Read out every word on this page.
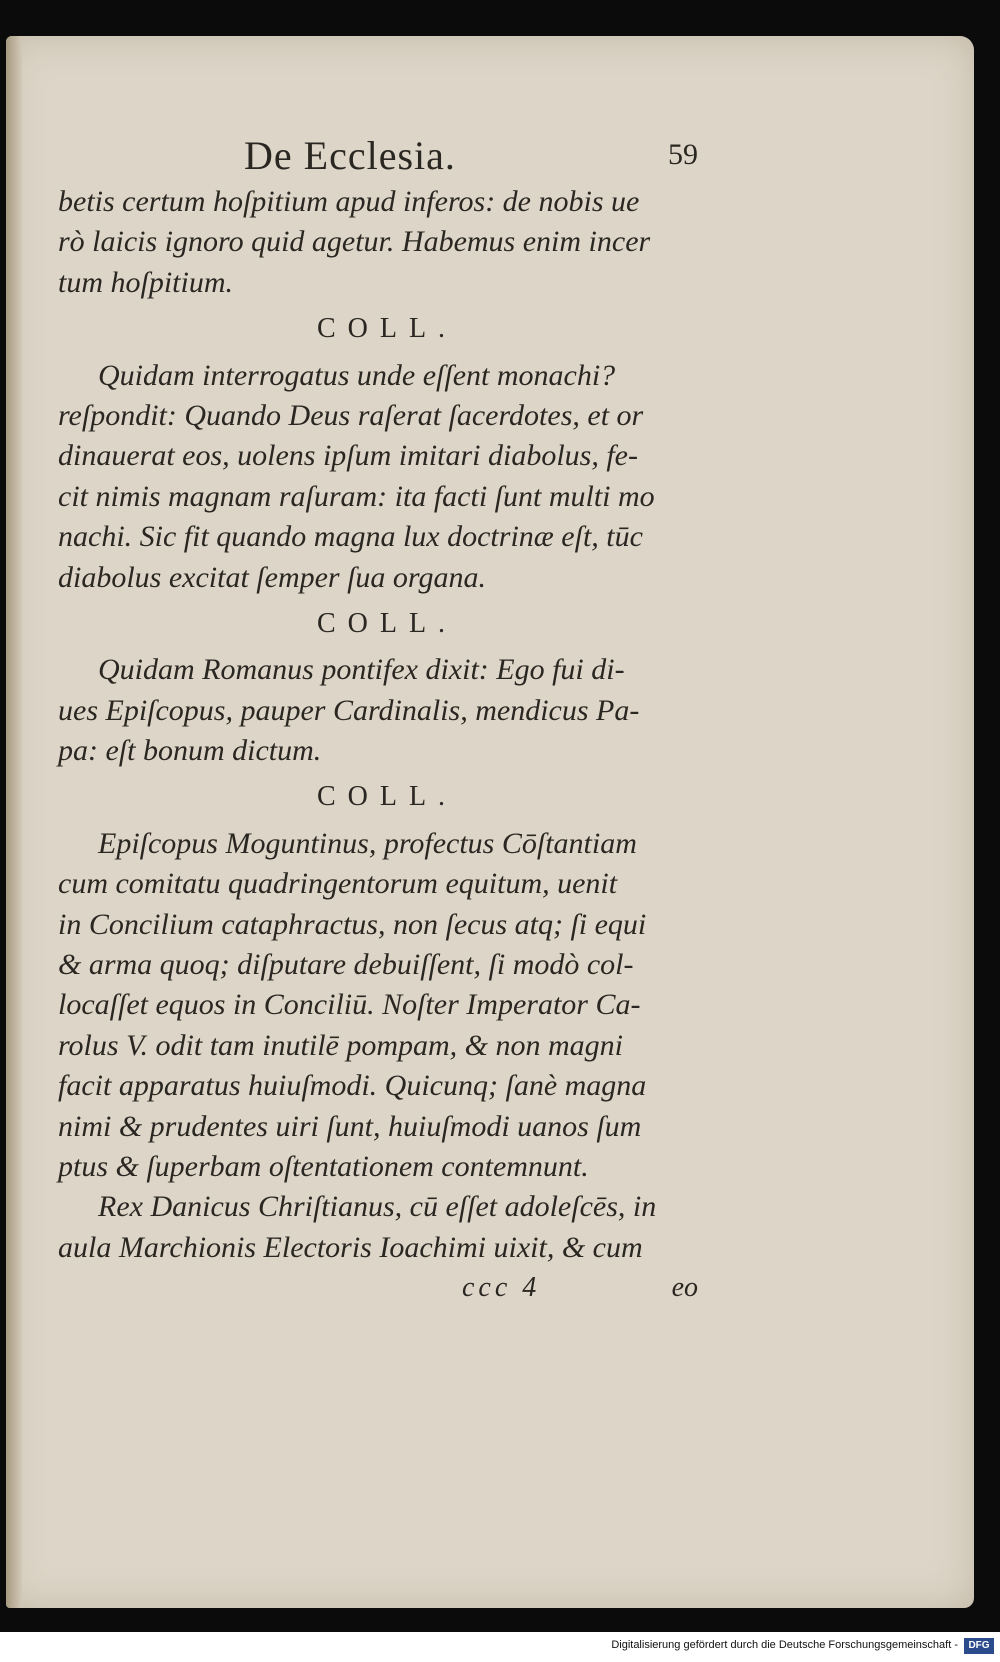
De Ecclesia.	59
betis certum hoſpitium apud inferos: de nobis ue
rò laicis ignoro quid agetur. Habemus enim incer
tum hoſpitium.
COLL.
Quidam interrogatus unde eſſent monachi?
reſpondit: Quando Deus raſerat ſacerdotes, et or
dinauerat eos, uolens ipſum imitari diabolus, fe-
cit nimis magnam raſuram: ita facti ſunt multi mo
nachi. Sic fit quando magna lux doctrinæ eſt, tūc
diabolus excitat ſemper ſua organa.
COLL.
Quidam Romanus pontifex dixit: Ego fui di-
ues Epiſcopus, pauper Cardinalis, mendicus Pa-
pa: eſt bonum dictum.
COLL.
Epiſcopus Moguntinus, profectus Cōſtantiam
cum comitatu quadringentorum equitum, uenit
in Concilium cataphractus, non ſecus atq; ſi equi
& arma quoq; diſputare debuiſſent, ſi modò col-
locaſſet equos in Conciliū. Noſter Imperator Ca-
rolus V. odit tam inutilē pompam, & non magni
facit apparatus huiuſmodi. Quicunq; ſanè magna
nimi & prudentes uiri ſunt, huiuſmodi uanos ſum
ptus & ſuperbam oſtentationem contemnunt.
Rex Danicus Chriſtianus, cū eſſet adoleſcēs, in
aula Marchionis Electoris Ioachimi uixit, & cum
ccc 4	eo
Digitalisierung gefördert durch die Deutsche Forschungsgemeinschaft -	DFG
